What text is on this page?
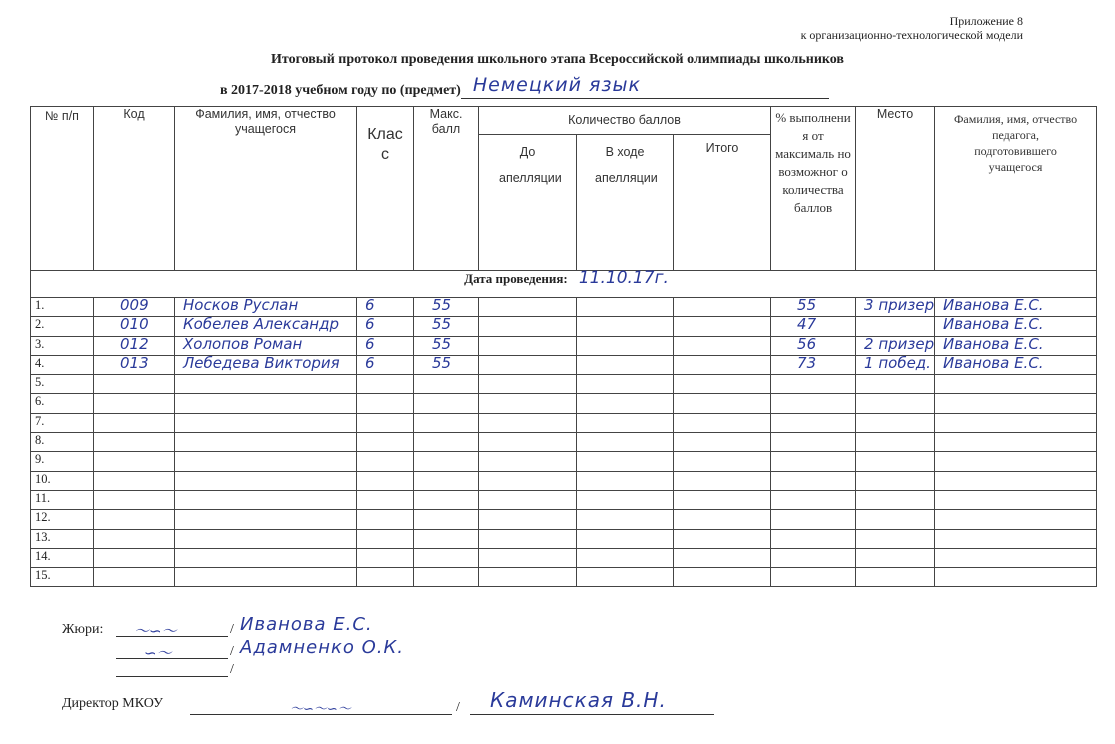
Приложение 8
к организационно-технологической модели
Итоговый протокол проведения школьного этапа Всероссийской олимпиады школьников
в 2017-2018 учебном году по (предмет) Немецкий язык
№ п/п	Код	Фамилия, имя, отчество учащегося	Клас с	Макс. балл	Количество баллов			% выполнени я от максималь но возможног о количества баллов	Место	Фамилия, имя, отчество педагога, подготовившего учащегося
					До апелляции	В ходе апелляции	Итого			
Дата проведения: 11.10.17г.										
1.	009	Носков Руслан	6	55				55	3 призер	Иванова Е.С.

2.	010	Кобелев Александр	6	55				47		Иванова Е.С.

3.	012	Холопов Роман	6	55				56	2 призер	Иванова Е.С.

4.	013	Лебедева Виктория	6	55				73	1 побед.	Иванова Е.С.

5.	

6.	

7.	

8.	

9.	

10.	

11.	

12.	

13.	

14.	

15.	

Жюри:	〜∽〜	/ Иванова Е.С.
∽〜	/ Адамненко О.К.
/
Директор МКОУ	〜∽〜∽〜	/ Каминская В.Н.
